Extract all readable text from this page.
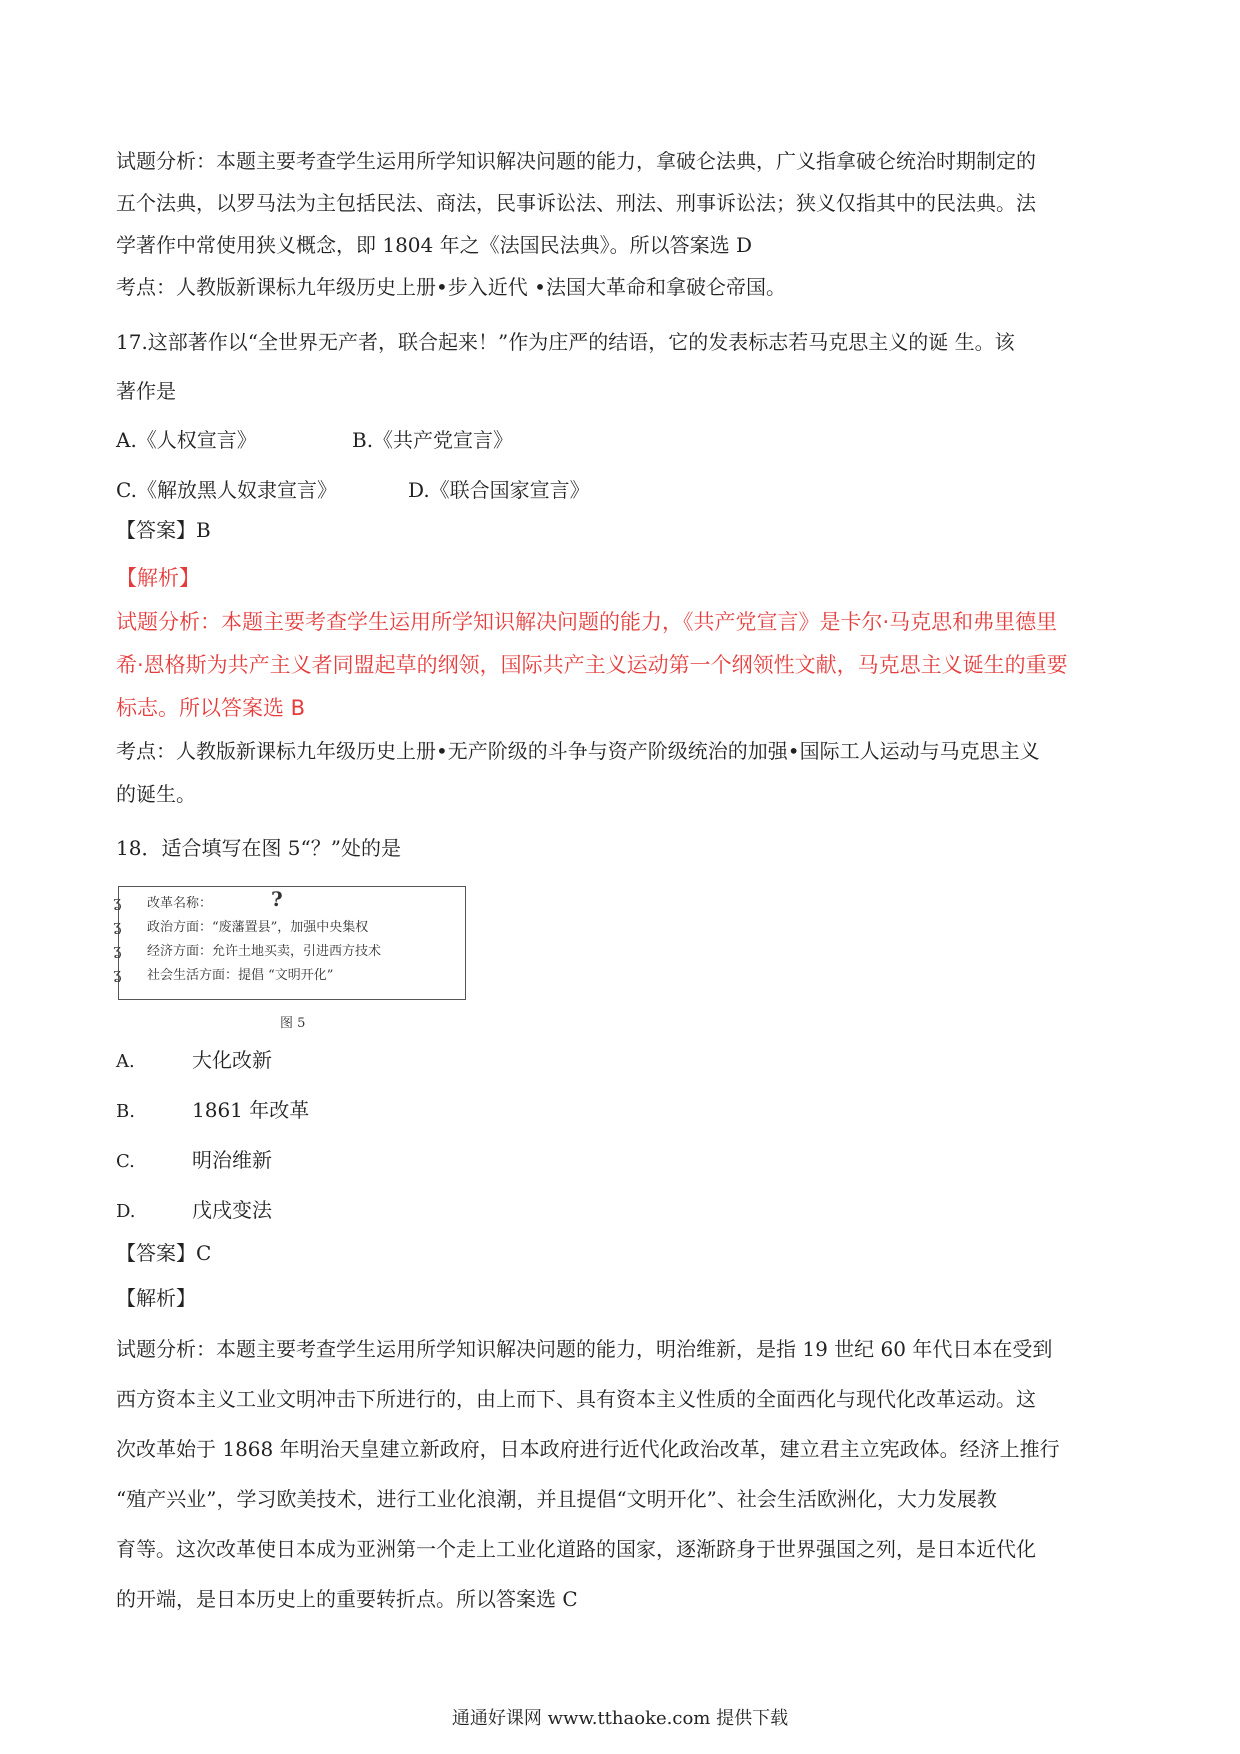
试题分析：本题主要考查学生运用所学知识解决问题的能力，拿破仑法典，广义指拿破仑统治时期制定的
五个法典，以罗马法为主包括民法、商法，民事诉讼法、刑法、刑事诉讼法；狭义仅指其中的民法典。法
学著作中常使用狭义概念，即 1804 年之《法国民法典》。所以答案选 D
考点：人教版新课标九年级历史上册•步入近代 •法国大革命和拿破仑帝国。
17.这部著作以“全世界无产者，联合起来！”作为庄严的结语，它的发表标志若马克思主义的诞 生。该
著作是
A.《人权宣言》	B.《共产党宣言》
C.《解放黑人奴隶宣言》	D.《联合国家宣言》
【答案】B
【解析】
试题分析：本题主要考查学生运用所学知识解决问题的能力，《共产党宣言》是卡尔·马克思和弗里德里
希·恩格斯为共产主义者同盟起草的纲领，国际共产主义运动第一个纲领性文献，马克思主义诞生的重要
标志。所以答案选 B
考点：人教版新课标九年级历史上册•无产阶级的斗争与资产阶级统治的加强•国际工人运动与马克思主义
的诞生。
18．适合填写在图 5“？”处的是
ʓ
ʓ
ʓ
ʓ
?
改革名称：
政治方面：“废藩置县”，加强中央集权
经济方面：允许土地买卖，引进西方技术
社会生活方面：提倡 “文明开化”
图 5
A.	大化改新
B.	1861 年改革
C.	明治维新
D.	戊戌变法
【答案】C
【解析】
试题分析：本题主要考查学生运用所学知识解决问题的能力，明治维新，是指 19 世纪 60 年代日本在受到
西方资本主义工业文明冲击下所进行的，由上而下、具有资本主义性质的全面西化与现代化改革运动。这
次改革始于 1868 年明治天皇建立新政府，日本政府进行近代化政治改革，建立君主立宪政体。经济上推行
“殖产兴业”，学习欧美技术，进行工业化浪潮，并且提倡“文明开化”、社会生活欧洲化，大力发展教
育等。这次改革使日本成为亚洲第一个走上工业化道路的国家，逐渐跻身于世界强国之列，是日本近代化
的开端，是日本历史上的重要转折点。所以答案选 C
通通好课网 www.tthaoke.com 提供下载
